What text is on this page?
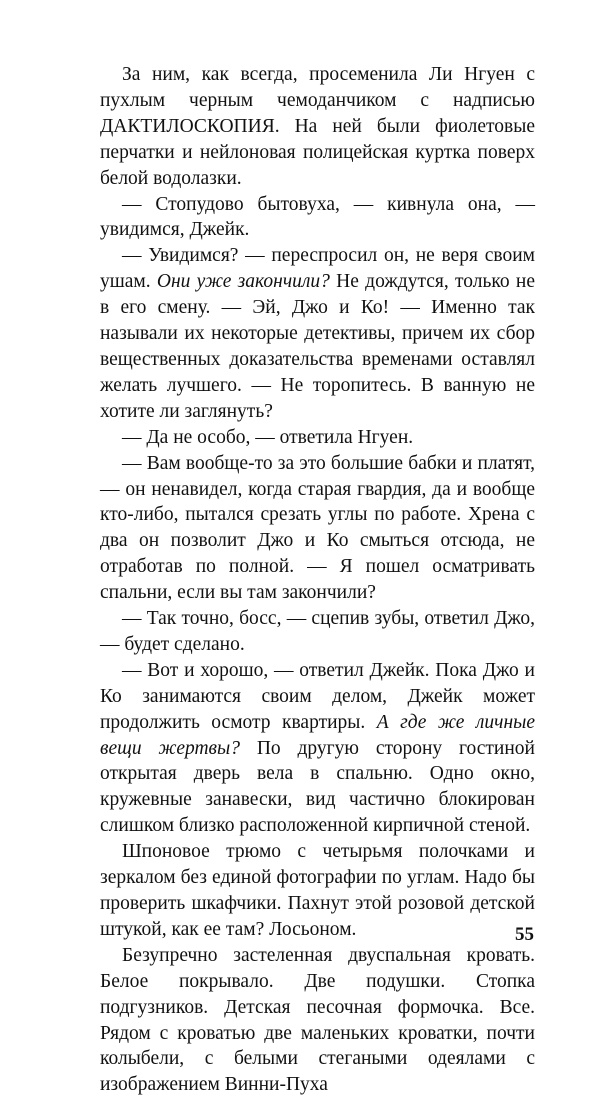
За ним, как всегда, просеменила Ли Нгуен с пухлым черным чемоданчиком с надписью ДАКТИЛОСКОПИЯ. На ней были фиолетовые перчатки и нейлоновая полицейская куртка поверх белой водолазки.

— Стопудово бытовуха, — кивнула она, — увидимся, Джейк.

— Увидимся? — переспросил он, не веря своим ушам. Они уже закончили? Не дождутся, только не в его смену. — Эй, Джо и Ко! — Именно так называли их некоторые детективы, причем их сбор вещественных доказательства временами оставлял желать лучшего. — Не торопитесь. В ванную не хотите ли заглянуть?

— Да не особо, — ответила Нгуен.

— Вам вообще-то за это большие бабки и платят, — он ненавидел, когда старая гвардия, да и вообще кто-либо, пытался срезать углы по работе. Хрена с два он позволит Джо и Ко смыться отсюда, не отработав по полной. — Я пошел осматривать спальни, если вы там закончили?

— Так точно, босс, — сцепив зубы, ответил Джо, — будет сделано.

— Вот и хорошо, — ответил Джейк. Пока Джо и Ко занимаются своим делом, Джейк может продолжить осмотр квартиры. А где же личные вещи жертвы? По другую сторону гостиной открытая дверь вела в спальню. Одно окно, кружевные занавески, вид частично блокирован слишком близко расположенной кирпичной стеной.

Шпоновое трюмо с четырьмя полочками и зеркалом без единой фотографии по углам. Надо бы проверить шкафчики. Пахнут этой розовой детской штукой, как ее там? Лосьоном.

Безупречно застеленная двуспальная кровать. Белое покрывало. Две подушки. Стопка подгузников. Детская песочная формочка. Все. Рядом с кроватью две маленьких кроватки, почти колыбели, с белыми стегаными одеялами с изображением Винни-Пуха

55
